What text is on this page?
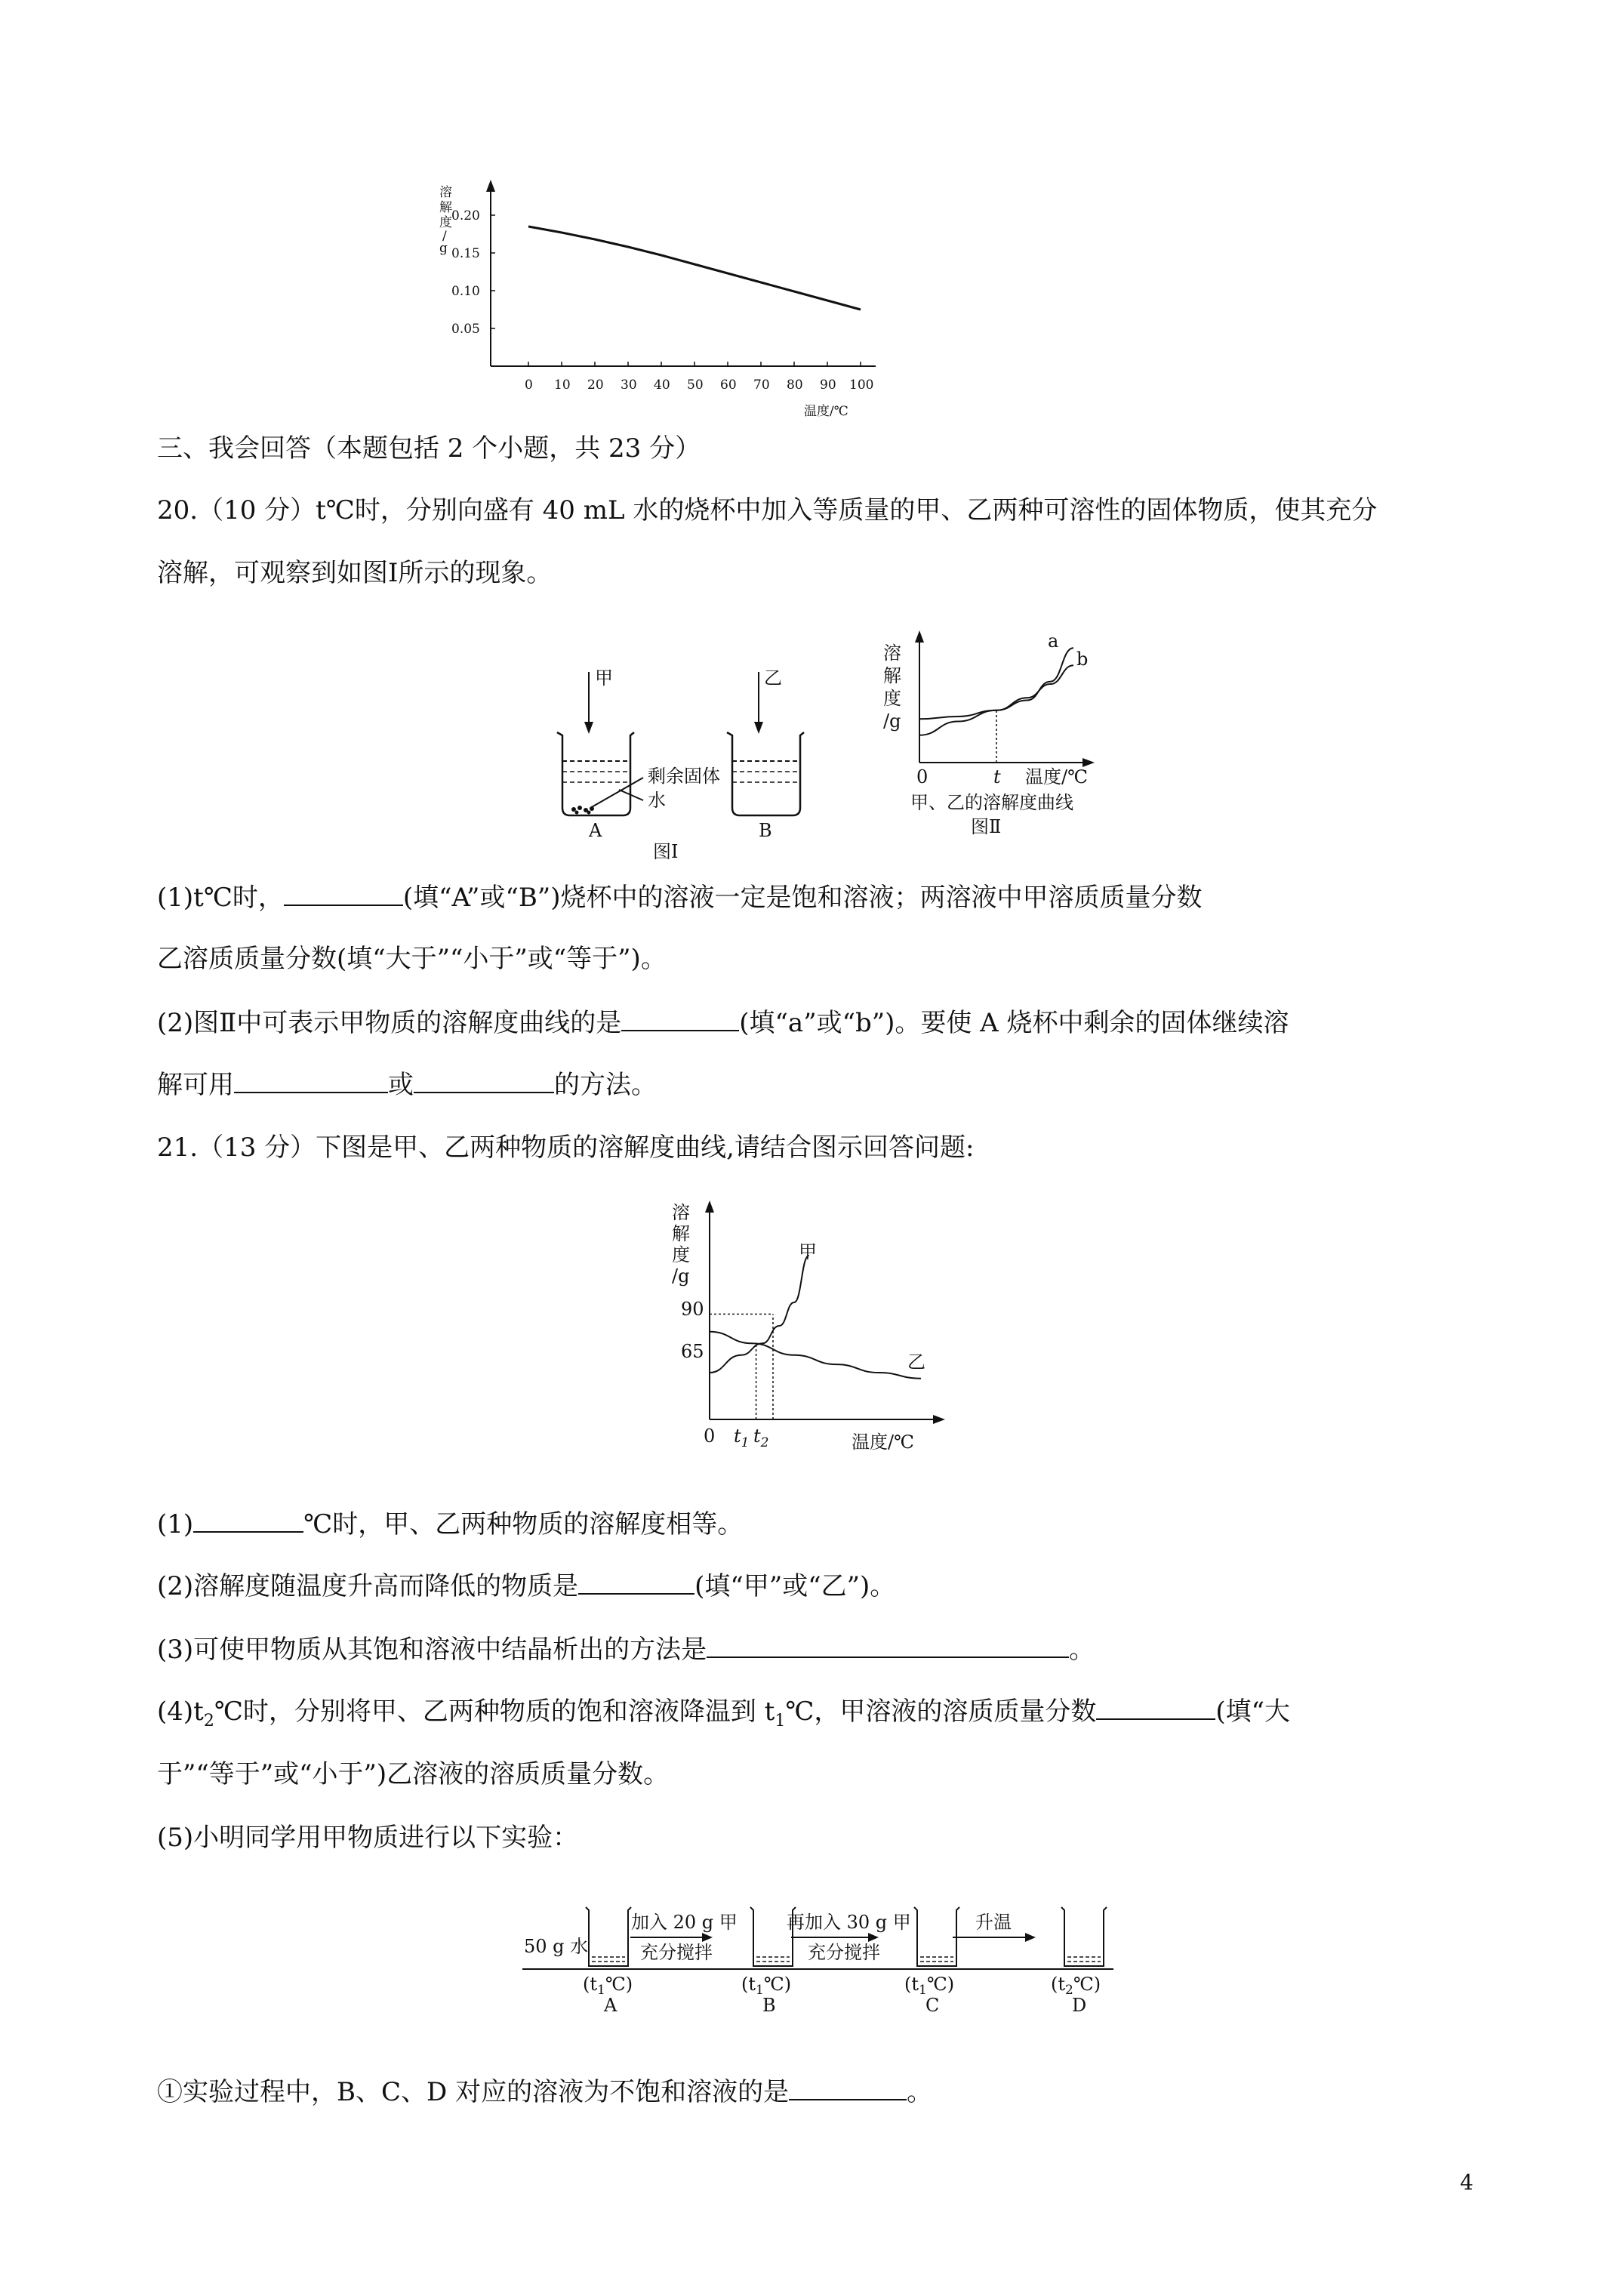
溶
解
度
/
g
0.20
0.15
0.10
0.05
0 10 20 30 40 50 60 70 80 90 100
温度/℃
三、我会回答（本题包括 2 个小题，共 23 分）
20.（10 分）t℃时，分别向盛有 40 mL 水的烧杯中加入等质量的甲、乙两种可溶性的固体物质，使其充分
溶解，可观察到如图Ⅰ所示的现象。
甲
剩余固体
水
A
乙
B
图Ⅰ
溶
解
度
/g
a
b
0	t 温度/℃
甲、乙的溶解度曲线
图Ⅱ
(1)t℃时，	(填“A”或“B”)烧杯中的溶液一定是饱和溶液；两溶液中甲溶质质量分数
乙溶质质量分数(填“大于”“小于”或“等于”)。
(2)图Ⅱ中可表示甲物质的溶解度曲线的是	(填“a”或“b”)。要使 A 烧杯中剩余的固体继续溶
解可用	或	的方法。
21.（13 分）下图是甲、乙两种物质的溶解度曲线,请结合图示回答问题:
溶
解
度
/g
90
65
甲
乙
0 $t_1$ $t_2$	温度/℃
(1)	℃时，甲、乙两种物质的溶解度相等。
(2)溶解度随温度升高而降低的物质是	(填“甲”或“乙”)。
(3)可使甲物质从其饱和溶液中结晶析出的方法是	。
$(4)t_2℃$时，分别将甲、乙两种物质的饱和溶液降温到 $t_1℃$，甲溶液的溶质质量分数	(填“大
于”“等于”或“小于”)乙溶液的溶质质量分数。
(5)小明同学用甲物质进行以下实验：
50 g 水
加入 20 g 甲
充分搅拌
再加入 30 g 甲
充分搅拌
升温
$(t_1℃)$	$(t_1℃)$	$(t_1℃)$	$(t_2℃)$
A	B	C	D
①实验过程中，B、C、D 对应的溶液为不饱和溶液的是	。
4
